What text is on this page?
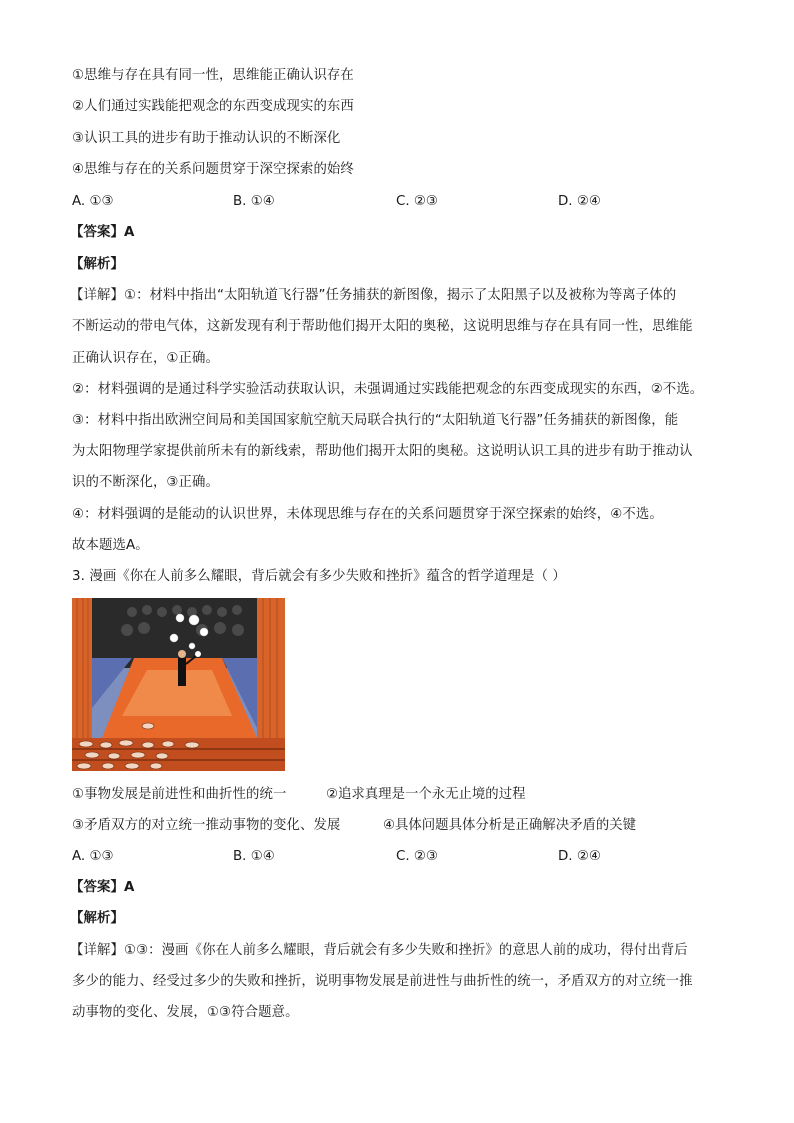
①思维与存在具有同一性，思维能正确认识存在
②人们通过实践能把观念的东西变成现实的东西
③认识工具的进步有助于推动认识的不断深化
④思维与存在的关系问题贯穿于深空探索的始终
A. ①③	B. ①④	C. ②③	D. ②④
【答案】A
【解析】
【详解】①：材料中指出“太阳轨道飞行器”任务捕获的新图像，揭示了太阳黑子以及被称为等离子体的
不断运动的带电气体，这新发现有利于帮助他们揭开太阳的奥秘，这说明思维与存在具有同一性，思维能
正确认识存在，①正确。
②：材料强调的是通过科学实验活动获取认识，未强调通过实践能把观念的东西变成现实的东西，②不选。
③：材料中指出欧洲空间局和美国国家航空航天局联合执行的“太阳轨道飞行器”任务捕获的新图像，能
为太阳物理学家提供前所未有的新线索，帮助他们揭开太阳的奥秘。这说明认识工具的进步有助于推动认
识的不断深化，③正确。
④：材料强调的是能动的认识世界，未体现思维与存在的关系问题贯穿于深空探索的始终，④不选。
故本题选A。
3. 漫画《你在人前多么耀眼，背后就会有多少失败和挫折》蕴含的哲学道理是（ ）
①事物发展是前进性和曲折性的统一	②追求真理是一个永无止境的过程
③矛盾双方的对立统一推动事物的变化、发展	④具体问题具体分析是正确解决矛盾的关键
A. ①③	B. ①④	C. ②③	D. ②④
【答案】A
【解析】
【详解】①③：漫画《你在人前多么耀眼，背后就会有多少失败和挫折》的意思人前的成功，得付出背后
多少的能力、经受过多少的失败和挫折，说明事物发展是前进性与曲折性的统一，矛盾双方的对立统一推
动事物的变化、发展，①③符合题意。
